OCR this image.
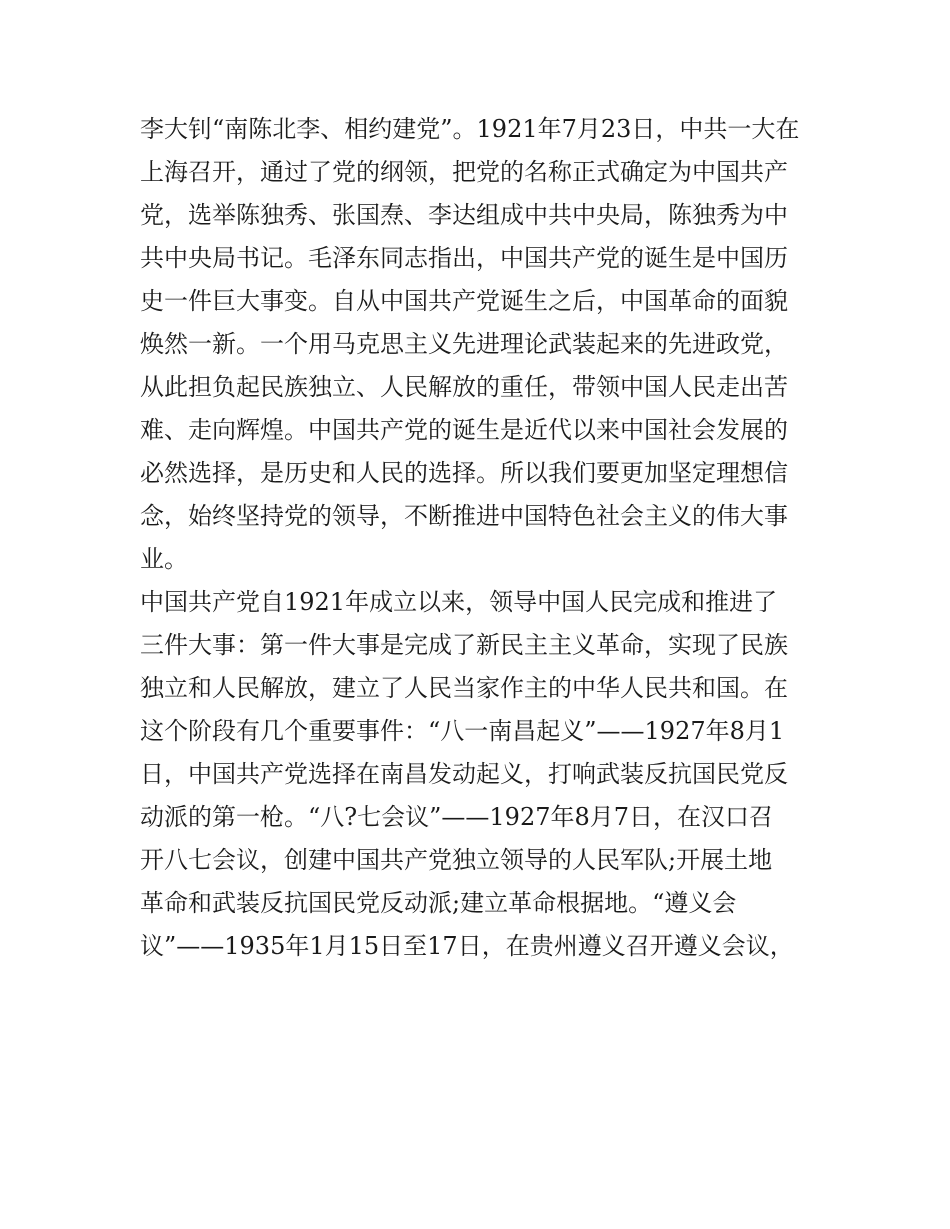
李大钊“南陈北李、相约建党”。1921年7月23日，中共一大在
上海召开，通过了党的纲领，把党的名称正式确定为中国共产
党，选举陈独秀、张国焘、李达组成中共中央局，陈独秀为中
共中央局书记。毛泽东同志指出，中国共产党的诞生是中国历
史一件巨大事变。自从中国共产党诞生之后，中国革命的面貌
焕然一新。一个用马克思主义先进理论武装起来的先进政党，
从此担负起民族独立、人民解放的重任，带领中国人民走出苦
难、走向辉煌。中国共产党的诞生是近代以来中国社会发展的
必然选择，是历史和人民的选择。所以我们要更加坚定理想信
念，始终坚持党的领导，不断推进中国特色社会主义的伟大事
业。
中国共产党自1921年成立以来，领导中国人民完成和推进了
三件大事：第一件大事是完成了新民主主义革命，实现了民族
独立和人民解放，建立了人民当家作主的中华人民共和国。在
这个阶段有几个重要事件：“八一南昌起义”——1927年8月1
日，中国共产党选择在南昌发动起义，打响武装反抗国民党反
动派的第一枪。“八?七会议”——1927年8月7日，在汉口召
开八七会议，创建中国共产党独立领导的人民军队;开展土地
革命和武装反抗国民党反动派;建立革命根据地。“遵义会
议”——1935年1月15日至17日，在贵州遵义召开遵义会议，
